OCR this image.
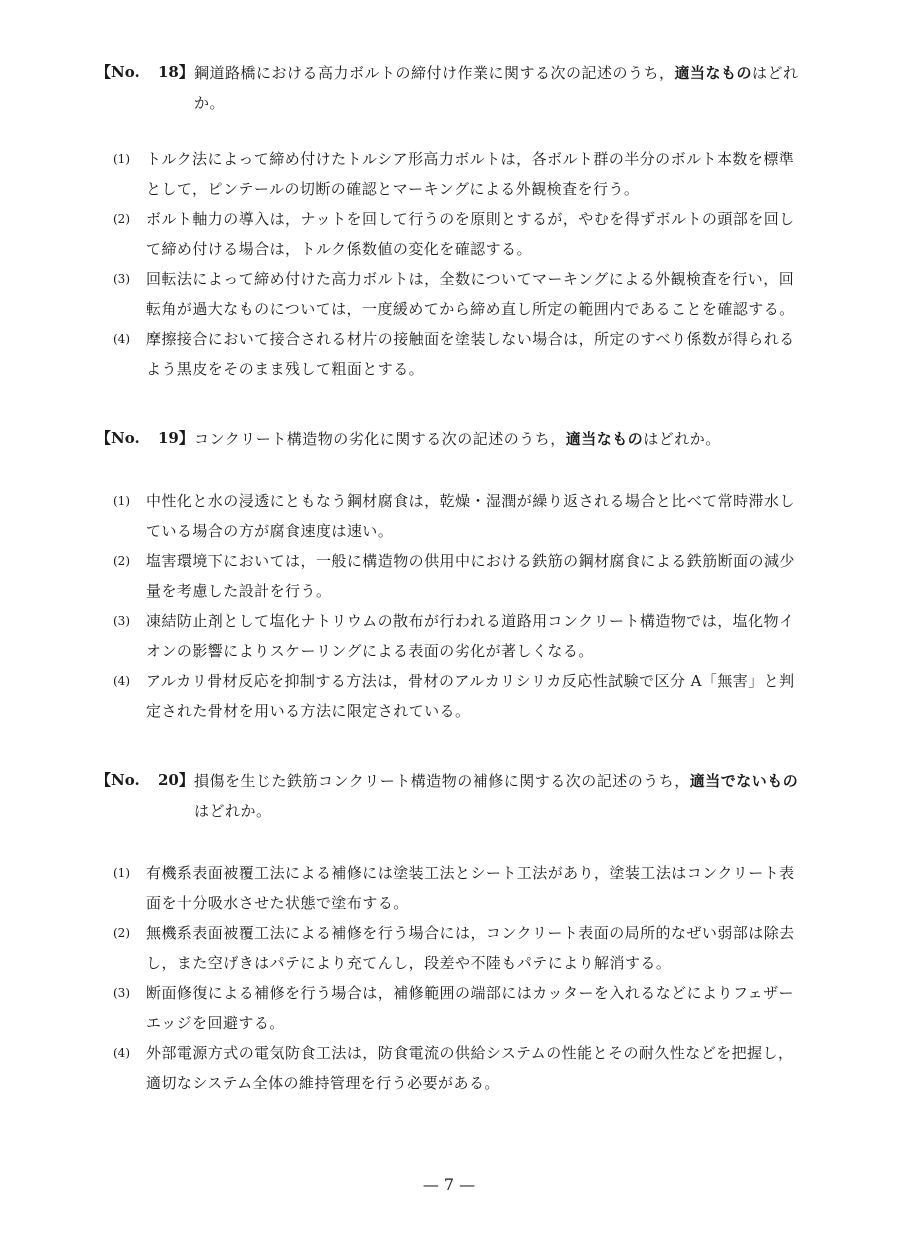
【No. 18】 鋼道路橋における高力ボルトの締付け作業に関する次の記述のうち，適当なものはどれか。
(1) トルク法によって締め付けたトルシア形高力ボルトは，各ボルト群の半分のボルト本数を標準として，ピンテールの切断の確認とマーキングによる外観検査を行う。
(2) ボルト軸力の導入は，ナットを回して行うのを原則とするが，やむを得ずボルトの頭部を回して締め付ける場合は，トルク係数値の変化を確認する。
(3) 回転法によって締め付けた高力ボルトは，全数についてマーキングによる外観検査を行い，回転角が過大なものについては，一度緩めてから締め直し所定の範囲内であることを確認する。
(4) 摩擦接合において接合される材片の接触面を塗装しない場合は，所定のすべり係数が得られるよう黒皮をそのまま残して粗面とする。
【No. 19】 コンクリート構造物の劣化に関する次の記述のうち，適当なものはどれか。
(1) 中性化と水の浸透にともなう鋼材腐食は，乾燥・湿潤が繰り返される場合と比べて常時滞水している場合の方が腐食速度は速い。
(2) 塩害環境下においては，一般に構造物の供用中における鉄筋の鋼材腐食による鉄筋断面の減少量を考慮した設計を行う。
(3) 凍結防止剤として塩化ナトリウムの散布が行われる道路用コンクリート構造物では，塩化物イオンの影響によりスケーリングによる表面の劣化が著しくなる。
(4) アルカリ骨材反応を抑制する方法は，骨材のアルカリシリカ反応性試験で区分 A「無害」と判定された骨材を用いる方法に限定されている。
【No. 20】 損傷を生じた鉄筋コンクリート構造物の補修に関する次の記述のうち，適当でないものはどれか。
(1) 有機系表面被覆工法による補修には塗装工法とシート工法があり，塗装工法はコンクリート表面を十分吸水させた状態で塗布する。
(2) 無機系表面被覆工法による補修を行う場合には，コンクリート表面の局所的なぜい弱部は除去し，また空げきはパテにより充てんし，段差や不陸もパテにより解消する。
(3) 断面修復による補修を行う場合は，補修範囲の端部にはカッターを入れるなどによりフェザーエッジを回避する。
(4) 外部電源方式の電気防食工法は，防食電流の供給システムの性能とその耐久性などを把握し，適切なシステム全体の維持管理を行う必要がある。
— 7 —
